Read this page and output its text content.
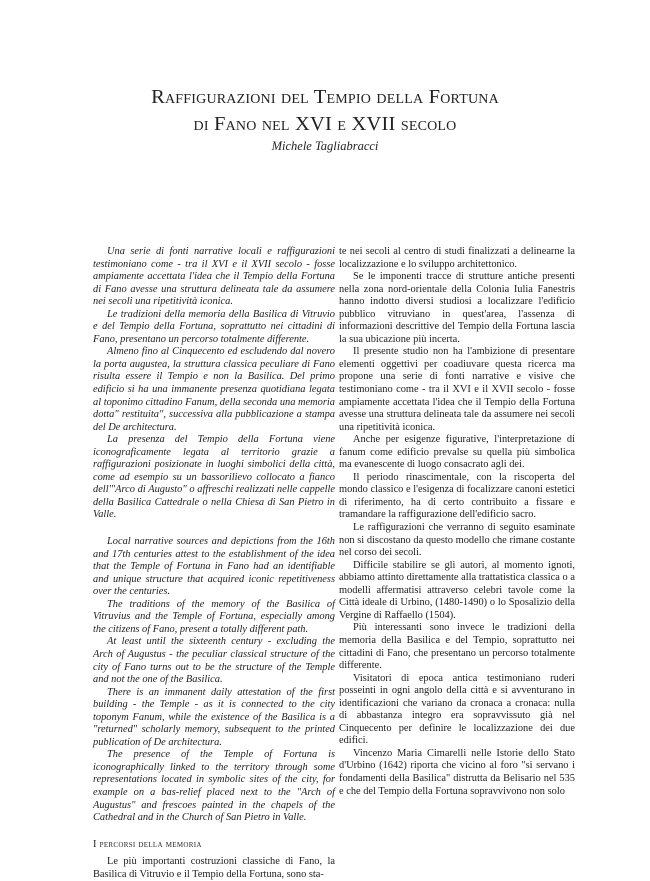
Raffigurazioni del Tempio della Fortuna
di Fano nel XVI e XVII secolo
Michele Tagliabracci

Una serie di fonti narrative locali e raffigurazioni testimonianо come - tra il XVI e il XVII secolo - fosse ampiamente accettata l'idea che il Tempio della Fortuna di Fano avesse una struttura delineata tale da assumere nei secoli una ripetitività iconica.

Le tradizioni della memoria della Basilica di Vitruvio e del Tempio della Fortuna, soprattutto nei cittadini di Fano, presentano un percorso totalmente differente.

Almeno fino al Cinquecento ed escludendo dal novero la porta augustea, la struttura classica peculiare di Fano risulta essere il Tempio e non la Basilica. Del primo edificio si ha una immanente presenza quotidiana legata al toponimo cittadino Fanum, della seconda una memoria dotta" restituita", successiva alla pubblicazione a stampa del De architectura.

La presenza del Tempio della Fortuna viene iconograficamente legata al territorio grazie a raffigurazioni posizionate in luoghi simbolici della città, come ad esempio su un bassorilievo collocato a fianco dell'"Arco di Augusto" o affreschi realizzati nelle cappelle della Basilica Cattedrale o nella Chiesa di San Pietro in Valle.

Local narrative sources and depictions from the 16th and 17th centuries attest to the establishment of the idea that the Temple of Fortuna in Fano had an identifiable and unique structure that acquired iconic repetitiveness over the centuries.

The traditions of the memory of the Basilica of Vitruvius and the Temple of Fortuna, especially among the citizens of Fano, present a totally different path.

At least until the sixteenth century - excluding the Arch of Augustus - the peculiar classical structure of the city of Fano turns out to be the structure of the Temple and not the one of the Basilica.

There is an immanent daily attestation of the first building - the Temple - as it is connected to the city toponym Fanum, while the existence of the Basilica is a "returned" scholarly memory, subsequent to the printed publication of De architectura.

The presence of the Temple of Fortuna is iconographically linked to the territory through some representations located in symbolic sites of the city, for example on a bas-relief placed next to the "Arch of Augustus" and frescoes painted in the chapels of the Cathedral and in the Church of San Pietro in Valle.

I percorsi della memoria

Le più importanti costruzioni classiche di Fano, la Basilica di Vitruvio e il Tempio della Fortuna, sono sta-

te nei secoli al centro di studi finalizzati a delinearne la localizzazione e lo sviluppo architettonico.

Se le imponenti tracce di strutture antiche presenti nella zona nord-orientale della Colonia Iulia Fanestris hanno indotto diversi studiosi a localizzare l'edificio pubblico vitruviano in quest'area, l'assenza di informazioni descrittive del Tempio della Fortuna lascia la sua ubicazione più incerta.

Il presente studio non ha l'ambizione di presentare elementi oggettivi per coadiuvare questa ricerca ma propone una serie di fonti narrative e visive che testimoniano come - tra il XVI e il XVII secolo - fosse ampiamente accettata l'idea che il Tempio della Fortuna avesse una struttura delineata tale da assumere nei secoli una ripetitività iconica.

Anche per esigenze figurative, l'interpretazione di fanum come edificio prevalse su quella più simbolica ma evanescente di luogo consacrato agli dei.

Il periodo rinascimentale, con la riscoperta del mondo classico e l'esigenza di focalizzare canoni estetici di riferimento, ha di certo contribuito a fissare e tramandare la raffigurazione dell'edificio sacro.

Le raffigurazioni che verranno di seguito esaminate non si discostano da questo modello che rimane costante nel corso dei secoli.

Difficile stabilire se gli autori, al momento ignoti, abbiamo attinto direttamente alla trattatistica classica o a modelli affermatisi attraverso celebri tavole come la Città ideale di Urbino, (1480-1490) o lo Sposalizio della Vergine di Raffaello (1504).

Più interessanti sono invece le tradizioni della memoria della Basilica e del Tempio, soprattutto nei cittadini di Fano, che presentano un percorso totalmente differente.

Visitatori di epoca antica testimoniano ruderi posseinti in ogni angolo della città e si avventurano in identificazioni che variano da cronaca a cronaca: nulla di abbastanza integro era sopravvissuto già nel Cinquecento per definire le localizzazione dei due edifici.

Vincenzo Maria Cimarelli nelle Istorie dello Stato d'Urbino (1642) riporta che vicino al foro "si servano i fondamenti della Basilica" distrutta da Belisario nel 535 e che del Tempio della Fortuna sopravvivono non solo
